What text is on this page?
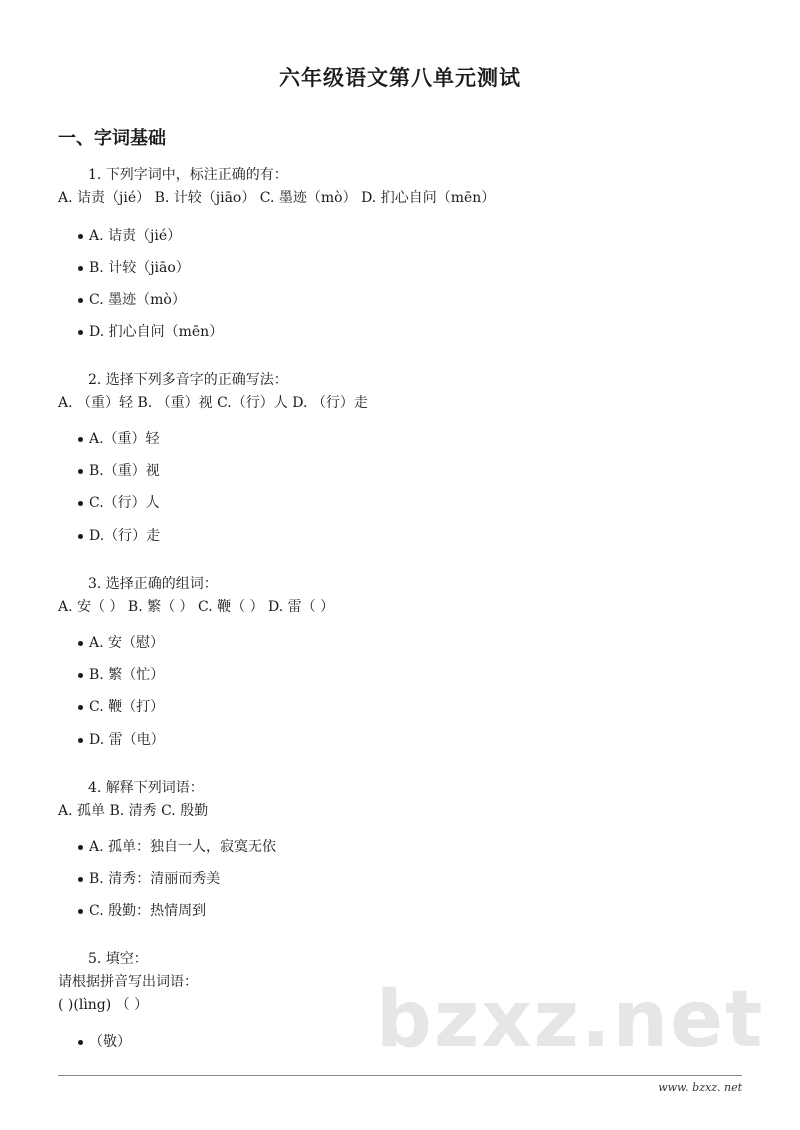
六年级语文第八单元测试
一、字词基础
1. 下列字词中，标注正确的有：
A. 诘责（jié） B. 计较（jiāo） C. 墨迹（mò） D. 扪心自问（mēn）
A. 诘责（jié）
B. 计较（jiāo）
C. 墨迹（mò）
D. 扪心自问（mēn）
2. 选择下列多音字的正确写法：
A. （重）轻 B. （重）视 C.（行）人 D. （行）走
A.（重）轻
B.（重）视
C.（行）人
D.（行）走
3. 选择正确的组词：
A. 安（ ） B. 繁（ ） C. 鞭（ ） D. 雷（ ）
A. 安（慰）
B. 繁（忙）
C. 鞭（打）
D. 雷（电）
4. 解释下列词语：
A. 孤单 B. 清秀 C. 殷勤
A. 孤单：独自一人，寂寞无依
B. 清秀：清丽而秀美
C. 殷勤：热情周到
5. 填空：
请根据拼音写出词语：
( )(lìng) （ ）
（敬）	bzxz.net
www. bzxz. net
